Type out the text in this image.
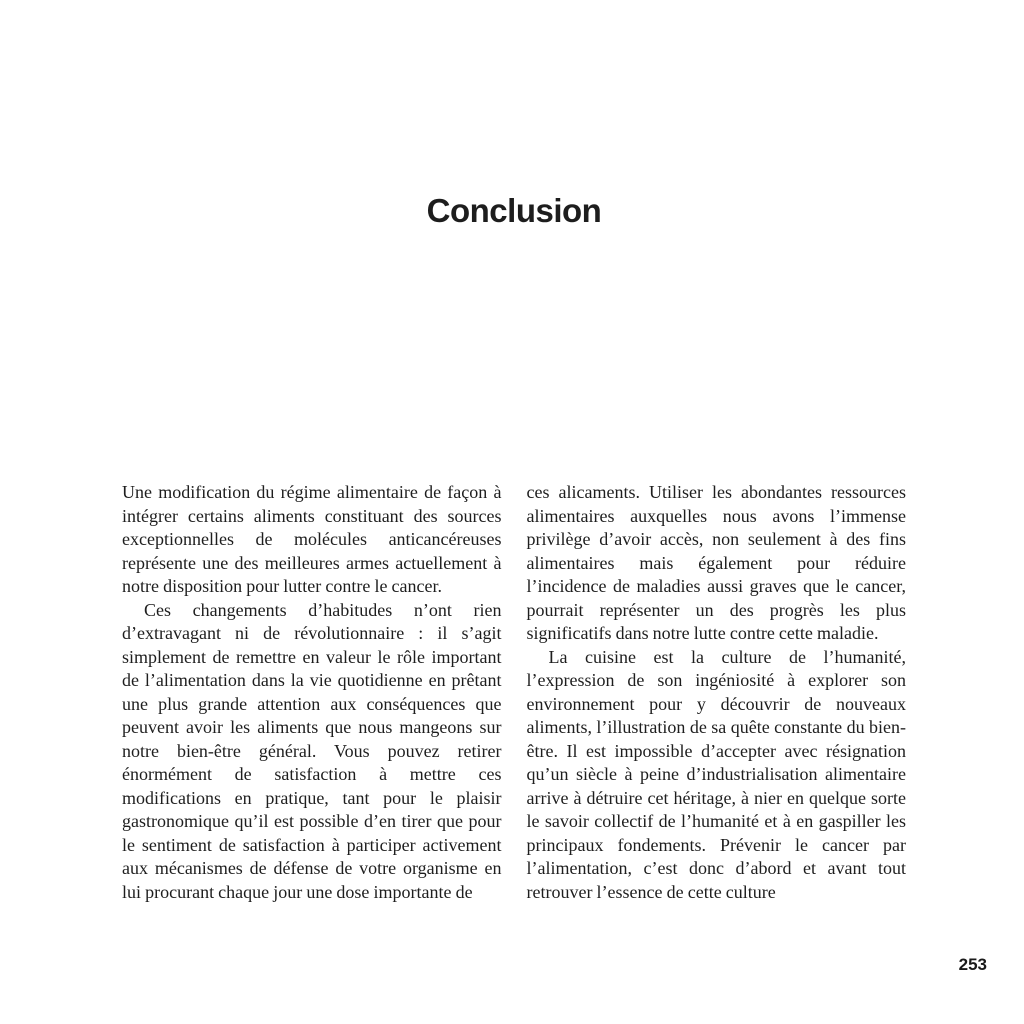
Conclusion

Une modification du régime alimentaire de façon à intégrer certains aliments constituant des sources exceptionnelles de molécules anticancéreuses représente une des meilleures armes actuellement à notre disposition pour lutter contre le cancer.

Ces changements d’habitudes n’ont rien d’extravagant ni de révolutionnaire : il s’agit simplement de remettre en valeur le rôle important de l’alimentation dans la vie quotidienne en prêtant une plus grande attention aux conséquences que peuvent avoir les aliments que nous mangeons sur notre bien-être général. Vous pouvez retirer énormément de satisfaction à mettre ces modifications en pratique, tant pour le plaisir gastronomique qu’il est possible d’en tirer que pour le sentiment de satisfaction à participer activement aux mécanismes de défense de votre organisme en lui procurant chaque jour une dose importante de

ces alicaments. Utiliser les abondantes ressources alimentaires auxquelles nous avons l’immense privilège d’avoir accès, non seulement à des fins alimentaires mais également pour réduire l’incidence de maladies aussi graves que le cancer, pourrait représenter un des progrès les plus significatifs dans notre lutte contre cette maladie.

La cuisine est la culture de l’humanité, l’expression de son ingéniosité à explorer son environnement pour y découvrir de nouveaux aliments, l’illustration de sa quête constante du bien-être. Il est impossible d’accepter avec résignation qu’un siècle à peine d’industrialisation alimentaire arrive à détruire cet héritage, à nier en quelque sorte le savoir collectif de l’humanité et à en gaspiller les principaux fondements. Prévenir le cancer par l’alimentation, c’est donc d’abord et avant tout retrouver l’essence de cette culture

253
